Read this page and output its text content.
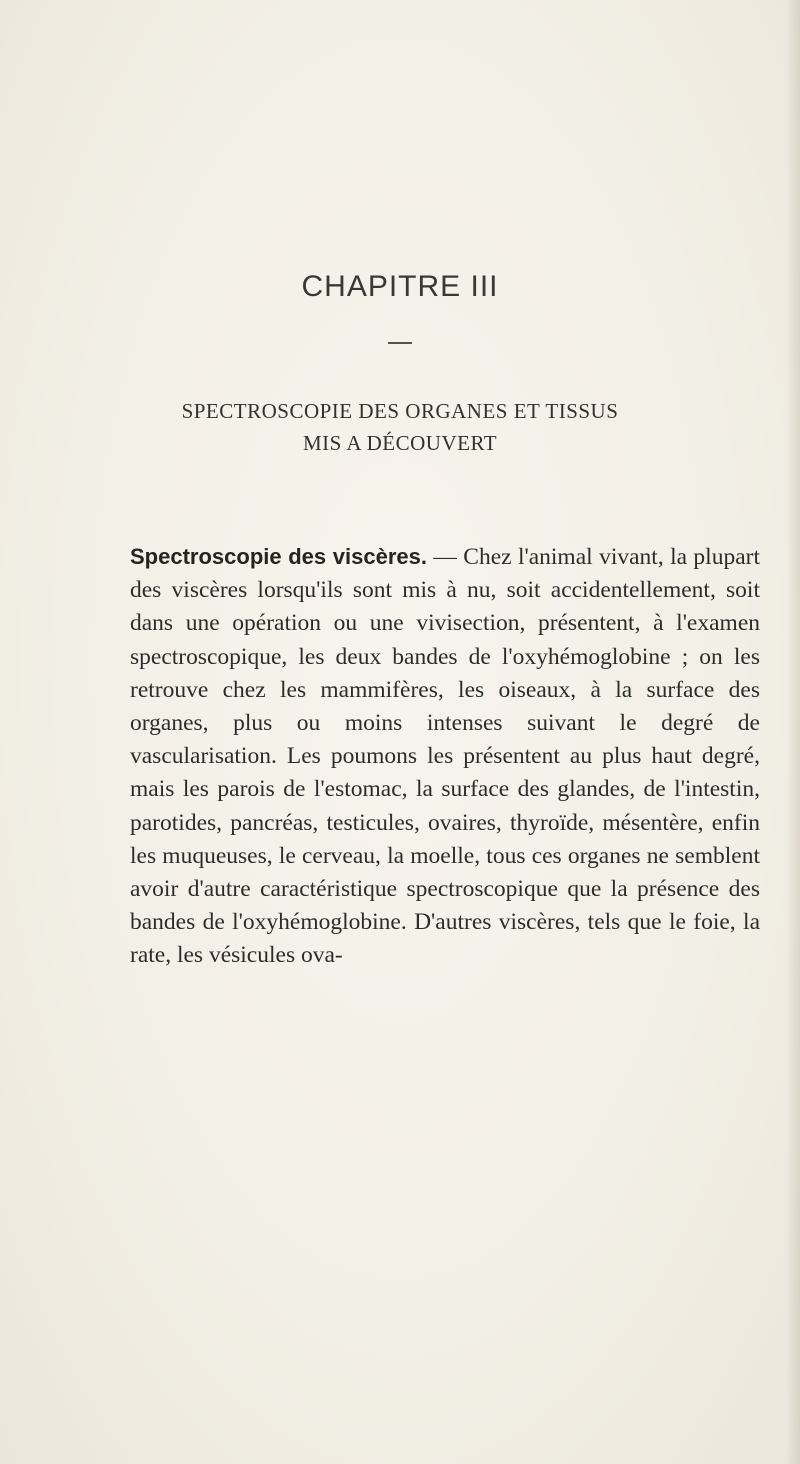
CHAPITRE III
SPECTROSCOPIE DES ORGANES ET TISSUS
MIS A DÉCOUVERT

Spectroscopie des viscères. — Chez l'animal vivant, la plupart des viscères lorsqu'ils sont mis à nu, soit accidentellement, soit dans une opération ou une vivisection, présentent, à l'examen spectroscopique, les deux bandes de l'oxyhémoglobine ; on les retrouve chez les mammifères, les oiseaux, à la surface des organes, plus ou moins intenses suivant le degré de vascularisation. Les poumons les présentent au plus haut degré, mais les parois de l'estomac, la surface des glandes, de l'intestin, parotides, pancréas, testicules, ovaires, thyroïde, mésentère, enfin les muqueuses, le cerveau, la moelle, tous ces organes ne semblent avoir d'autre caractéristique spectroscopique que la présence des bandes de l'oxyhémoglobine. D'autres viscères, tels que le foie, la rate, les vésicules ova-
